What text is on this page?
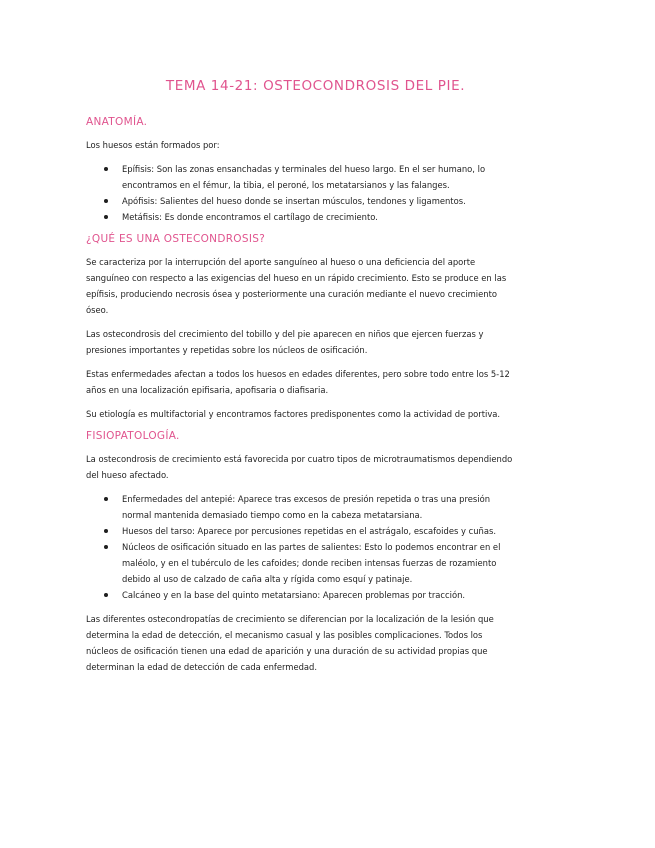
TEMA 14-21: OSTEOCONDROSIS DEL PIE.
ANATOMÍA.

Los huesos están formados por:

Epífisis: Son las zonas ensanchadas y terminales del hueso largo. En el ser humano, lo encontramos en el fémur, la tibia, el peroné, los metatarsianos y las falanges.
Apófisis: Salientes del hueso donde se insertan músculos, tendones y ligamentos.
Metáfisis: Es donde encontramos el cartílago de crecimiento.
¿QUÉ ES UNA OSTECONDROSIS?

Se caracteriza por la interrupción del aporte sanguíneo al hueso o una deficiencia del aporte sanguíneo con respecto a las exigencias del hueso en un rápido crecimiento. Esto se produce en las epífisis, produciendo necrosis ósea y posteriormente una curación mediante el nuevo crecimiento óseo.

Las ostecondrosis del crecimiento del tobillo y del pie aparecen en niños que ejercen fuerzas y presiones importantes y repetidas sobre los núcleos de osificación.

Estas enfermedades afectan a todos los huesos en edades diferentes, pero sobre todo entre los 5-12 años en una localización epifisaria, apofisaria o diafisaria.

Su etiología es multifactorial y encontramos factores predisponentes como la actividad de portiva.

FISIOPATOLOGÍA.

La ostecondrosis de crecimiento está favorecida por cuatro tipos de microtraumatismos dependiendo del hueso afectado.

Enfermedades del antepié: Aparece tras excesos de presión repetida o tras una presión normal mantenida demasiado tiempo como en la cabeza metatarsiana.
Huesos del tarso: Aparece por percusiones repetidas en el astrágalo, escafoides y cuñas.
Núcleos de osificación situado en las partes de salientes: Esto lo podemos encontrar en el maléolo, y en el tubérculo de les cafoides; donde reciben intensas fuerzas de rozamiento debido al uso de calzado de caña alta y rígida como esquí y patinaje.
Calcáneo y en la base del quinto metatarsiano: Aparecen problemas por tracción.

Las diferentes ostecondropatías de crecimiento se diferencian por la localización de la lesión que determina la edad de detección, el mecanismo casual y las posibles complicaciones. Todos los núcleos de osificación tienen una edad de aparición y una duración de su actividad propias que determinan la edad de detección de cada enfermedad.
